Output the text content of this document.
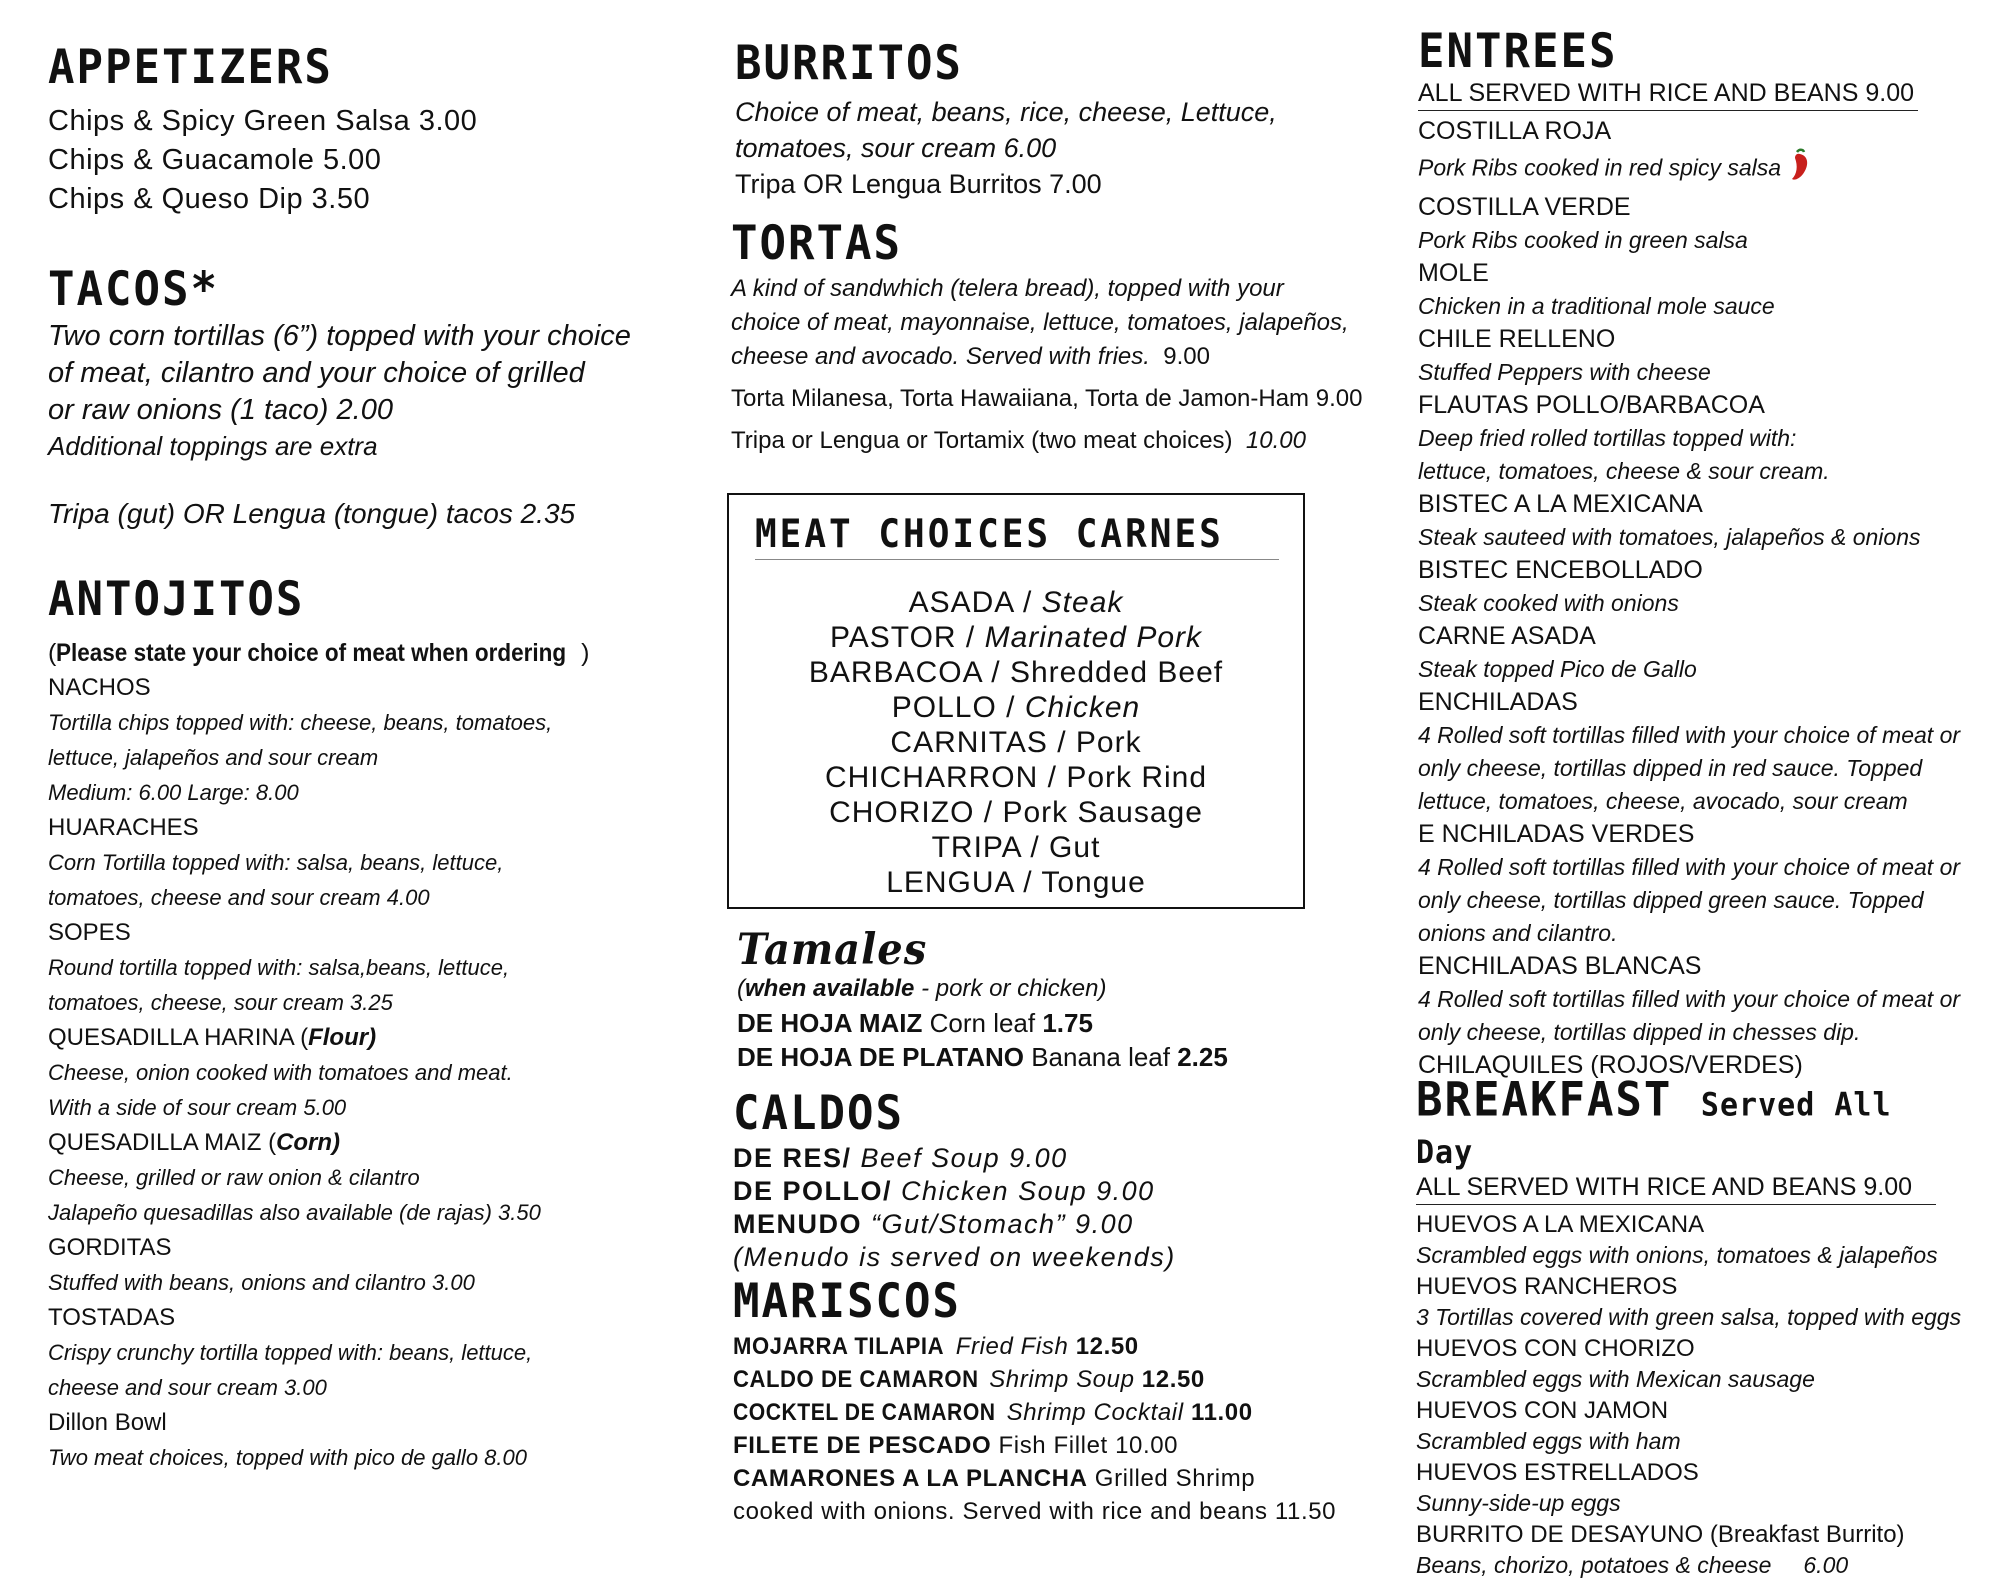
APPETIZERS

Chips & Spicy Green Salsa 3.00

Chips & Guacamole 5.00

Chips & Queso Dip 3.50

TACOS*

Two corn tortillas (6”) topped with your choice

of meat, cilantro and your choice of grilled

or raw onions (1 taco) 2.00

Additional toppings are extra

Tripa (gut) OR Lengua (tongue) tacos 2.35

ANTOJITOS

(Please state your choice of meat when ordering )

NACHOS

Tortilla chips topped with: cheese, beans, tomatoes,

lettuce, jalapeños and sour cream

Medium: 6.00 Large: 8.00

HUARACHES

Corn Tortilla topped with: salsa, beans, lettuce,

tomatoes, cheese and sour cream 4.00

SOPES

Round tortilla topped with: salsa,beans, lettuce,

tomatoes, cheese, sour cream 3.25

QUESADILLA HARINA (Flour)

Cheese, onion cooked with tomatoes and meat.

With a side of sour cream 5.00

QUESADILLA MAIZ (Corn)

Cheese, grilled or raw onion & cilantro

Jalapeño quesadillas also available (de rajas) 3.50

GORDITAS

Stuffed with beans, onions and cilantro 3.00

TOSTADAS

Crispy crunchy tortilla topped with: beans, lettuce,

cheese and sour cream 3.00

Dillon Bowl

Two meat choices, topped with pico de gallo 8.00

BURRITOS

Choice of meat, beans, rice, cheese, Lettuce,

tomatoes, sour cream 6.00

Tripa OR Lengua Burritos 7.00

TORTAS

A kind of sandwhich (telera bread), topped with your

choice of meat, mayonnaise, lettuce, tomatoes, jalapeños,

cheese and avocado. Served with fries. 9.00

Torta Milanesa, Torta Hawaiiana, Torta de Jamon-Ham 9.00

Tripa or Lengua or Tortamix (two meat choices) 10.00

MEAT CHOICES CARNES

ASADA / Steak

PASTOR / Marinated Pork

BARBACOA / Shredded Beef

POLLO / Chicken

CARNITAS / Pork

CHICHARRON / Pork Rind

CHORIZO / Pork Sausage

TRIPA / Gut

LENGUA / Tongue

Tamales

(when available - pork or chicken)

DE HOJA MAIZ Corn leaf 1.75

DE HOJA DE PLATANO Banana leaf 2.25

CALDOS

DE RES/ Beef Soup 9.00

DE POLLO/ Chicken Soup 9.00

MENUDO “Gut/Stomach” 9.00

(Menudo is served on weekends)

MARISCOS

MOJARRA TILAPIA Fried Fish 12.50

CALDO DE CAMARON Shrimp Soup 12.50

COCKTEL DE CAMARON Shrimp Cocktail 11.00

FILETE DE PESCADO Fish Fillet 10.00

CAMARONES A LA PLANCHA Grilled Shrimp

cooked with onions. Served with rice and beans 11.50

ENTREES

ALL SERVED WITH RICE AND BEANS 9.00

COSTILLA ROJA

Pork Ribs cooked in red spicy salsa

COSTILLA VERDE

Pork Ribs cooked in green salsa

MOLE

Chicken in a traditional mole sauce

CHILE RELLENO

Stuffed Peppers with cheese

FLAUTAS POLLO/BARBACOA

Deep fried rolled tortillas topped with:

lettuce, tomatoes, cheese & sour cream.

BISTEC A LA MEXICANA

Steak sauteed with tomatoes, jalapeños & onions

BISTEC ENCEBOLLADO

Steak cooked with onions

CARNE ASADA

Steak topped Pico de Gallo

ENCHILADAS

4 Rolled soft tortillas filled with your choice of meat or

only cheese, tortillas dipped in red sauce. Topped

lettuce, tomatoes, cheese, avocado, sour cream

E NCHILADAS VERDES

4 Rolled soft tortillas filled with your choice of meat or

only cheese, tortillas dipped green sauce. Topped

onions and cilantro.

ENCHILADAS BLANCAS

4 Rolled soft tortillas filled with your choice of meat or

only cheese, tortillas dipped in chesses dip.

CHILAQUILES (ROJOS/VERDES)

BREAKFAST Served All Day

ALL SERVED WITH RICE AND BEANS 9.00

HUEVOS A LA MEXICANA

Scrambled eggs with onions, tomatoes & jalapeños

HUEVOS RANCHEROS

3 Tortillas covered with green salsa, topped with eggs

HUEVOS CON CHORIZO

Scrambled eggs with Mexican sausage

HUEVOS CON JAMON

Scrambled eggs with ham

HUEVOS ESTRELLADOS

Sunny-side-up eggs

BURRITO DE DESAYUNO (Breakfast Burrito)

Beans, chorizo, potatoes & cheese     6.00
